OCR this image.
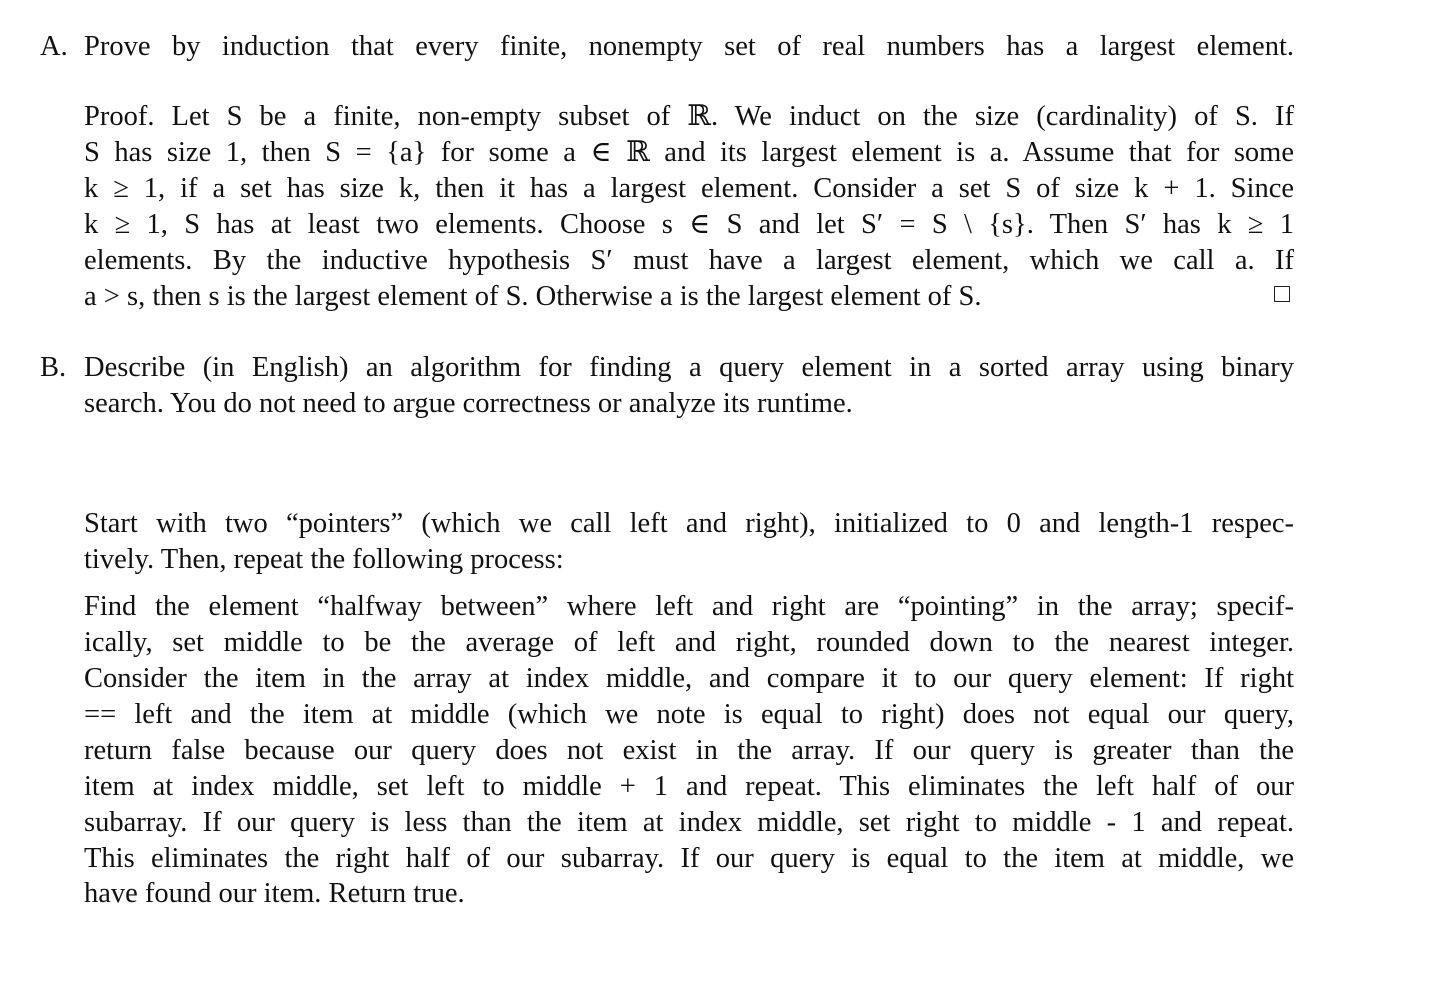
A. Prove by induction that every finite, nonempty set of real numbers has a largest element.
Proof. Let S be a finite, non-empty subset of ℝ. We induct on the size (cardinality) of S. If
S has size 1, then S = {a} for some a ∈ ℝ and its largest element is a. Assume that for some
k ≥ 1, if a set has size k, then it has a largest element. Consider a set S of size k + 1. Since
k ≥ 1, S has at least two elements. Choose s ∈ S and let S′ = S \ {s}. Then S′ has k ≥ 1
elements. By the inductive hypothesis S′ must have a largest element, which we call a. If
a > s, then s is the largest element of S. Otherwise a is the largest element of S.
B. Describe (in English) an algorithm for finding a query element in a sorted array using binary
search. You do not need to argue correctness or analyze its runtime.
Start with two “pointers” (which we call left and right), initialized to 0 and length-1 respec-
tively. Then, repeat the following process:
Find the element “halfway between” where left and right are “pointing” in the array; specif-
ically, set middle to be the average of left and right, rounded down to the nearest integer.
Consider the item in the array at index middle, and compare it to our query element: If right
== left and the item at middle (which we note is equal to right) does not equal our query,
return false because our query does not exist in the array. If our query is greater than the
item at index middle, set left to middle + 1 and repeat. This eliminates the left half of our
subarray. If our query is less than the item at index middle, set right to middle - 1 and repeat.
This eliminates the right half of our subarray. If our query is equal to the item at middle, we
have found our item. Return true.
